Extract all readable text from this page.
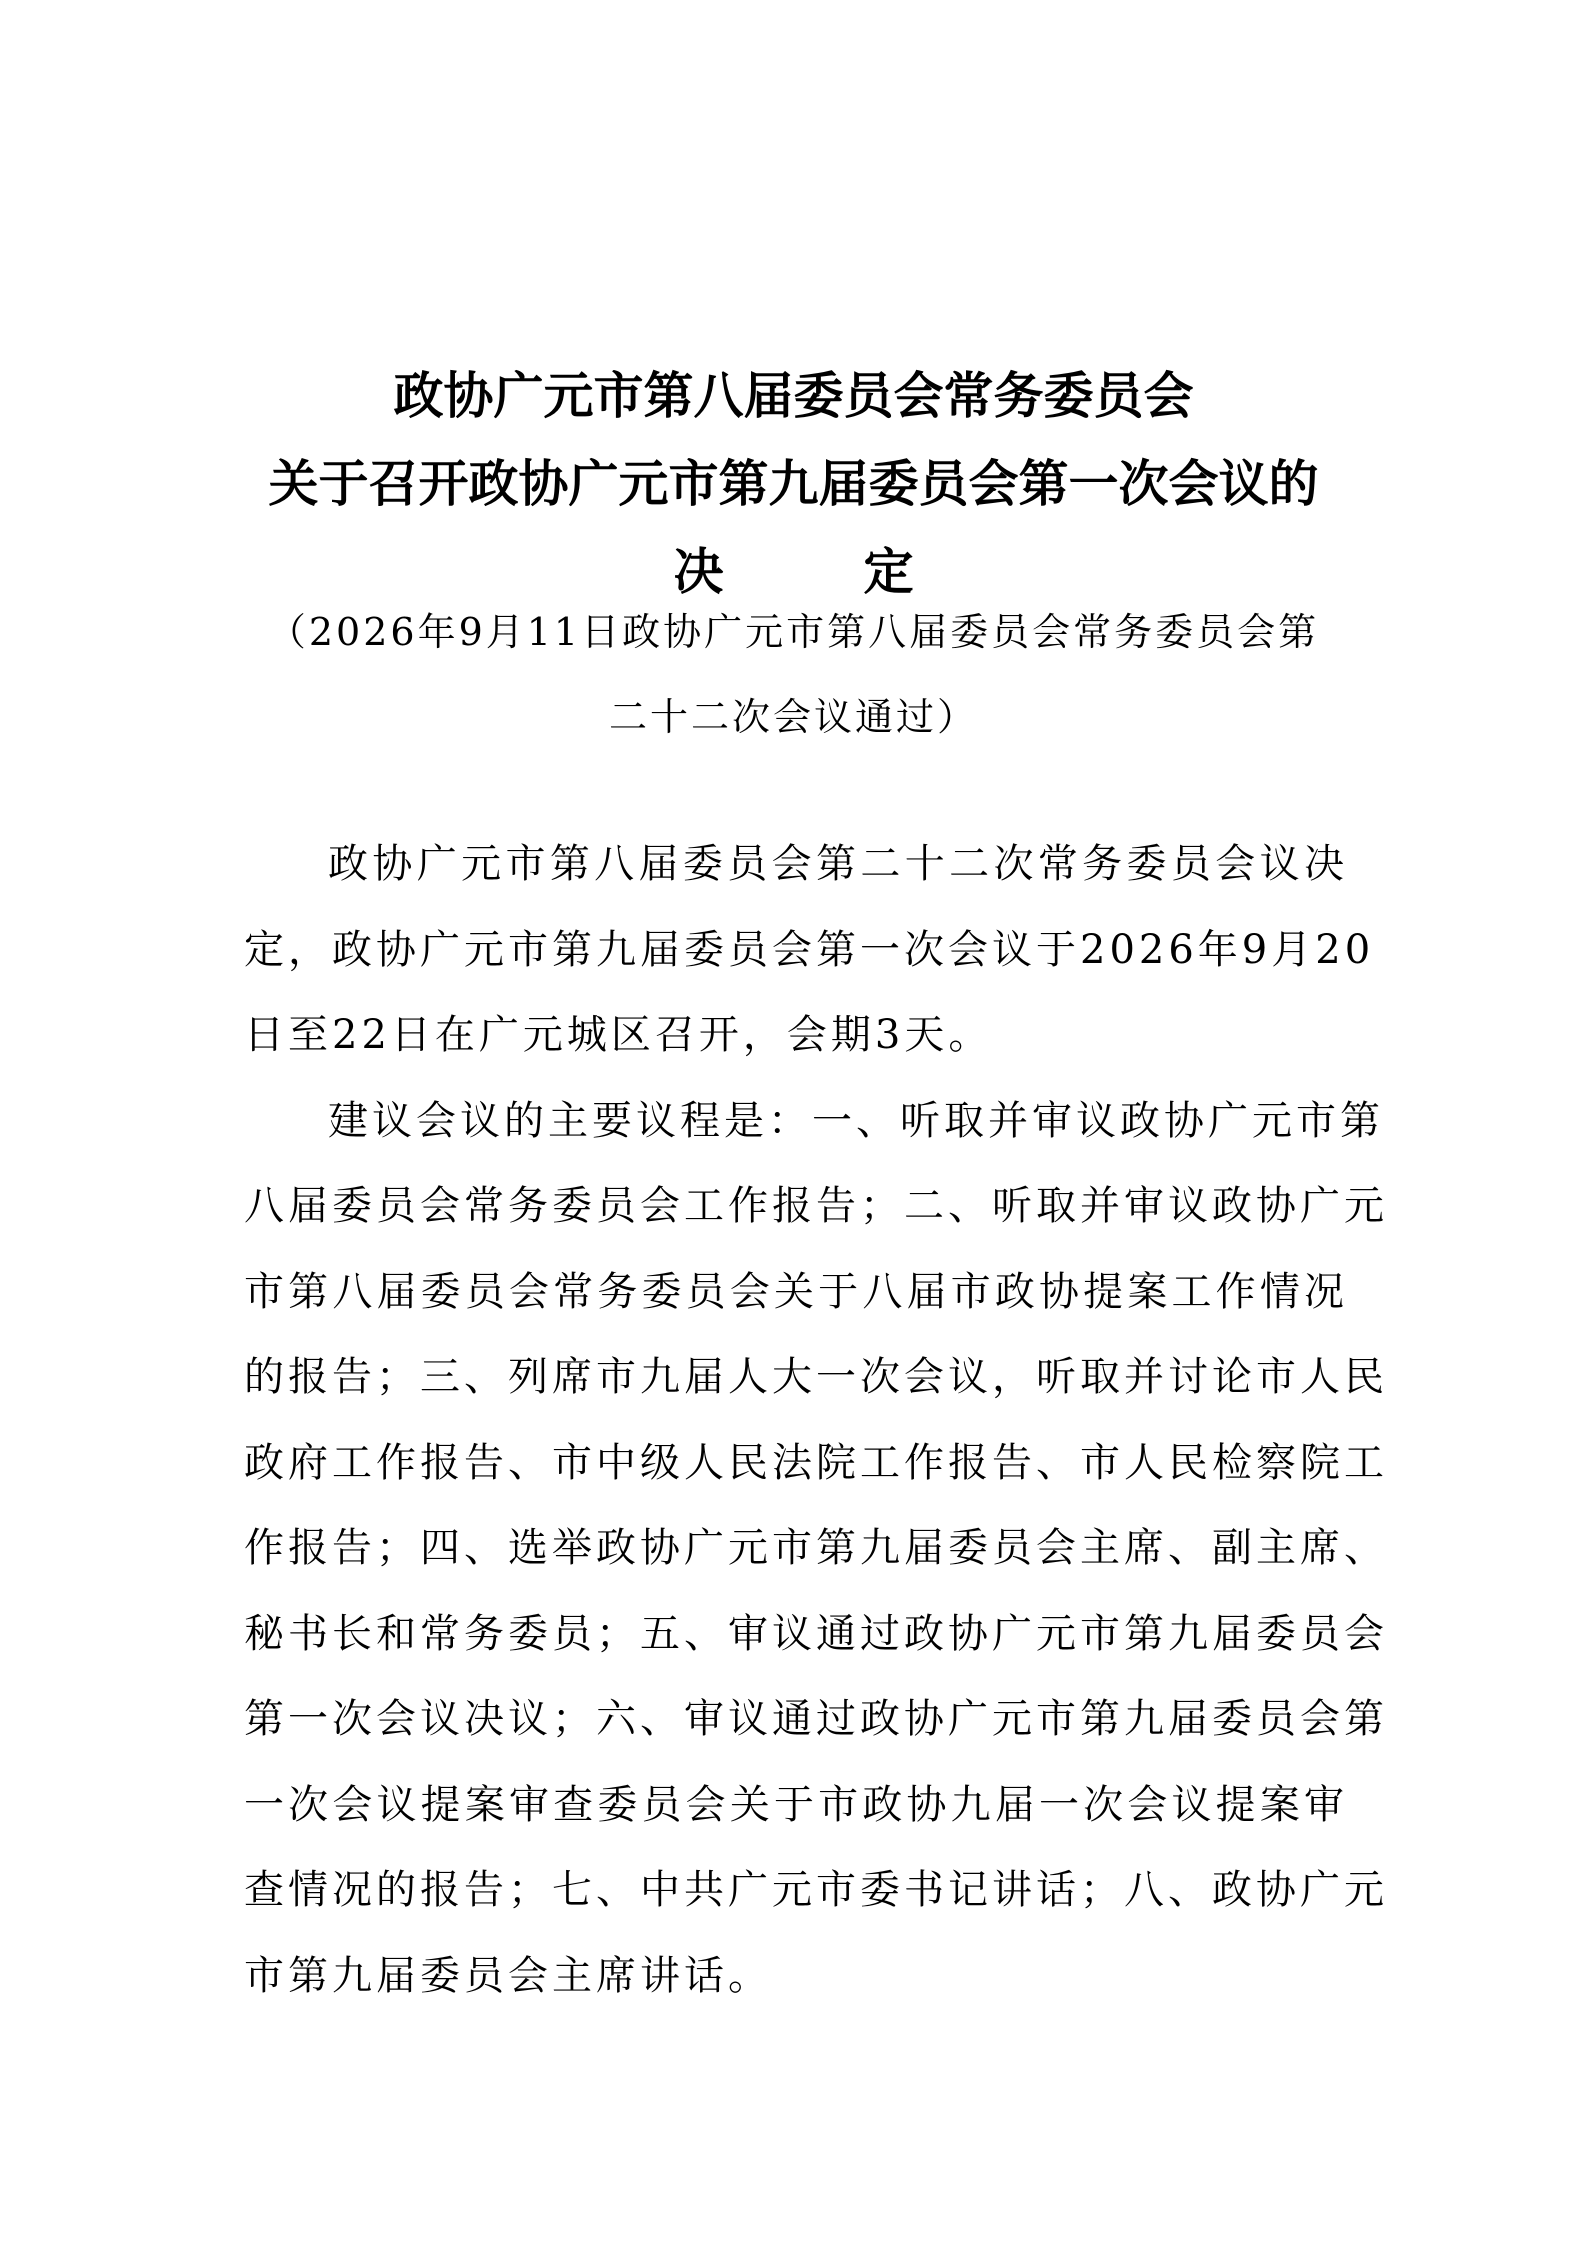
政协广元市第八届委员会常务委员会
关于召开政协广元市第九届委员会第一次会议的
决	定
（2026年9月11日政协广元市第八届委员会常务委员会第
二十二次会议通过）
政协广元市第八届委员会第二十二次常务委员会议决
定，政协广元市第九届委员会第一次会议于2026年9月20
日至22日在广元城区召开，会期3天。
建议会议的主要议程是：一、听取并审议政协广元市第
八届委员会常务委员会工作报告；二、听取并审议政协广元
市第八届委员会常务委员会关于八届市政协提案工作情况
的报告；三、列席市九届人大一次会议，听取并讨论市人民
政府工作报告、市中级人民法院工作报告、市人民检察院工
作报告；四、选举政协广元市第九届委员会主席、副主席、
秘书长和常务委员；五、审议通过政协广元市第九届委员会
第一次会议决议；六、审议通过政协广元市第九届委员会第
一次会议提案审查委员会关于市政协九届一次会议提案审
查情况的报告；七、中共广元市委书记讲话；八、政协广元
市第九届委员会主席讲话。
